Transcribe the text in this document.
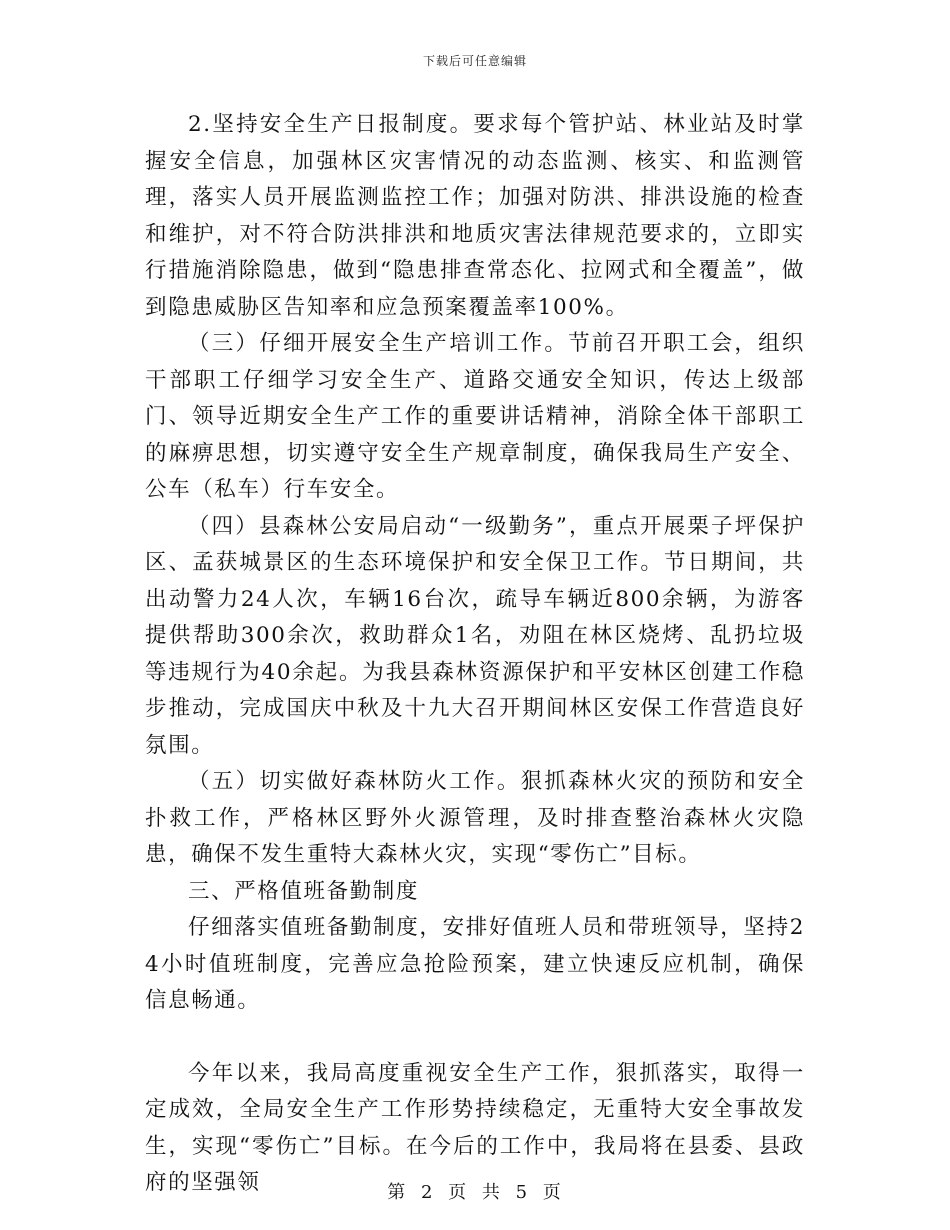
下载后可任意编辑

2.坚持安全生产日报制度。要求每个管护站、林业站及时掌握安全信息，加强林区灾害情况的动态监测、核实、和监测管理，落实人员开展监测监控工作；加强对防洪、排洪设施的检查和维护，对不符合防洪排洪和地质灾害法律规范要求的，立即实行措施消除隐患，做到“隐患排查常态化、拉网式和全覆盖”，做到隐患威胁区告知率和应急预案覆盖率100%。

（三）仔细开展安全生产培训工作。节前召开职工会，组织干部职工仔细学习安全生产、道路交通安全知识，传达上级部门、领导近期安全生产工作的重要讲话精神，消除全体干部职工的麻痹思想，切实遵守安全生产规章制度，确保我局生产安全、公车（私车）行车安全。

（四）县森林公安局启动“一级勤务”，重点开展栗子坪保护区、孟获城景区的生态环境保护和安全保卫工作。节日期间，共出动警力24人次，车辆16台次，疏导车辆近800余辆，为游客提供帮助300余次，救助群众1名，劝阻在林区烧烤、乱扔垃圾等违规行为40余起。为我县森林资源保护和平安林区创建工作稳步推动，完成国庆中秋及十九大召开期间林区安保工作营造良好氛围。

（五）切实做好森林防火工作。狠抓森林火灾的预防和安全扑救工作，严格林区野外火源管理，及时排查整治森林火灾隐患，确保不发生重特大森林火灾，实现“零伤亡”目标。

三、严格值班备勤制度

仔细落实值班备勤制度，安排好值班人员和带班领导，坚持24小时值班制度，完善应急抢险预案，建立快速反应机制，确保信息畅通。

今年以来，我局高度重视安全生产工作，狠抓落实，取得一定成效，全局安全生产工作形势持续稳定，无重特大安全事故发生，实现“零伤亡”目标。在今后的工作中，我局将在县委、县政府的坚强领	第 2 页 共 5 页
